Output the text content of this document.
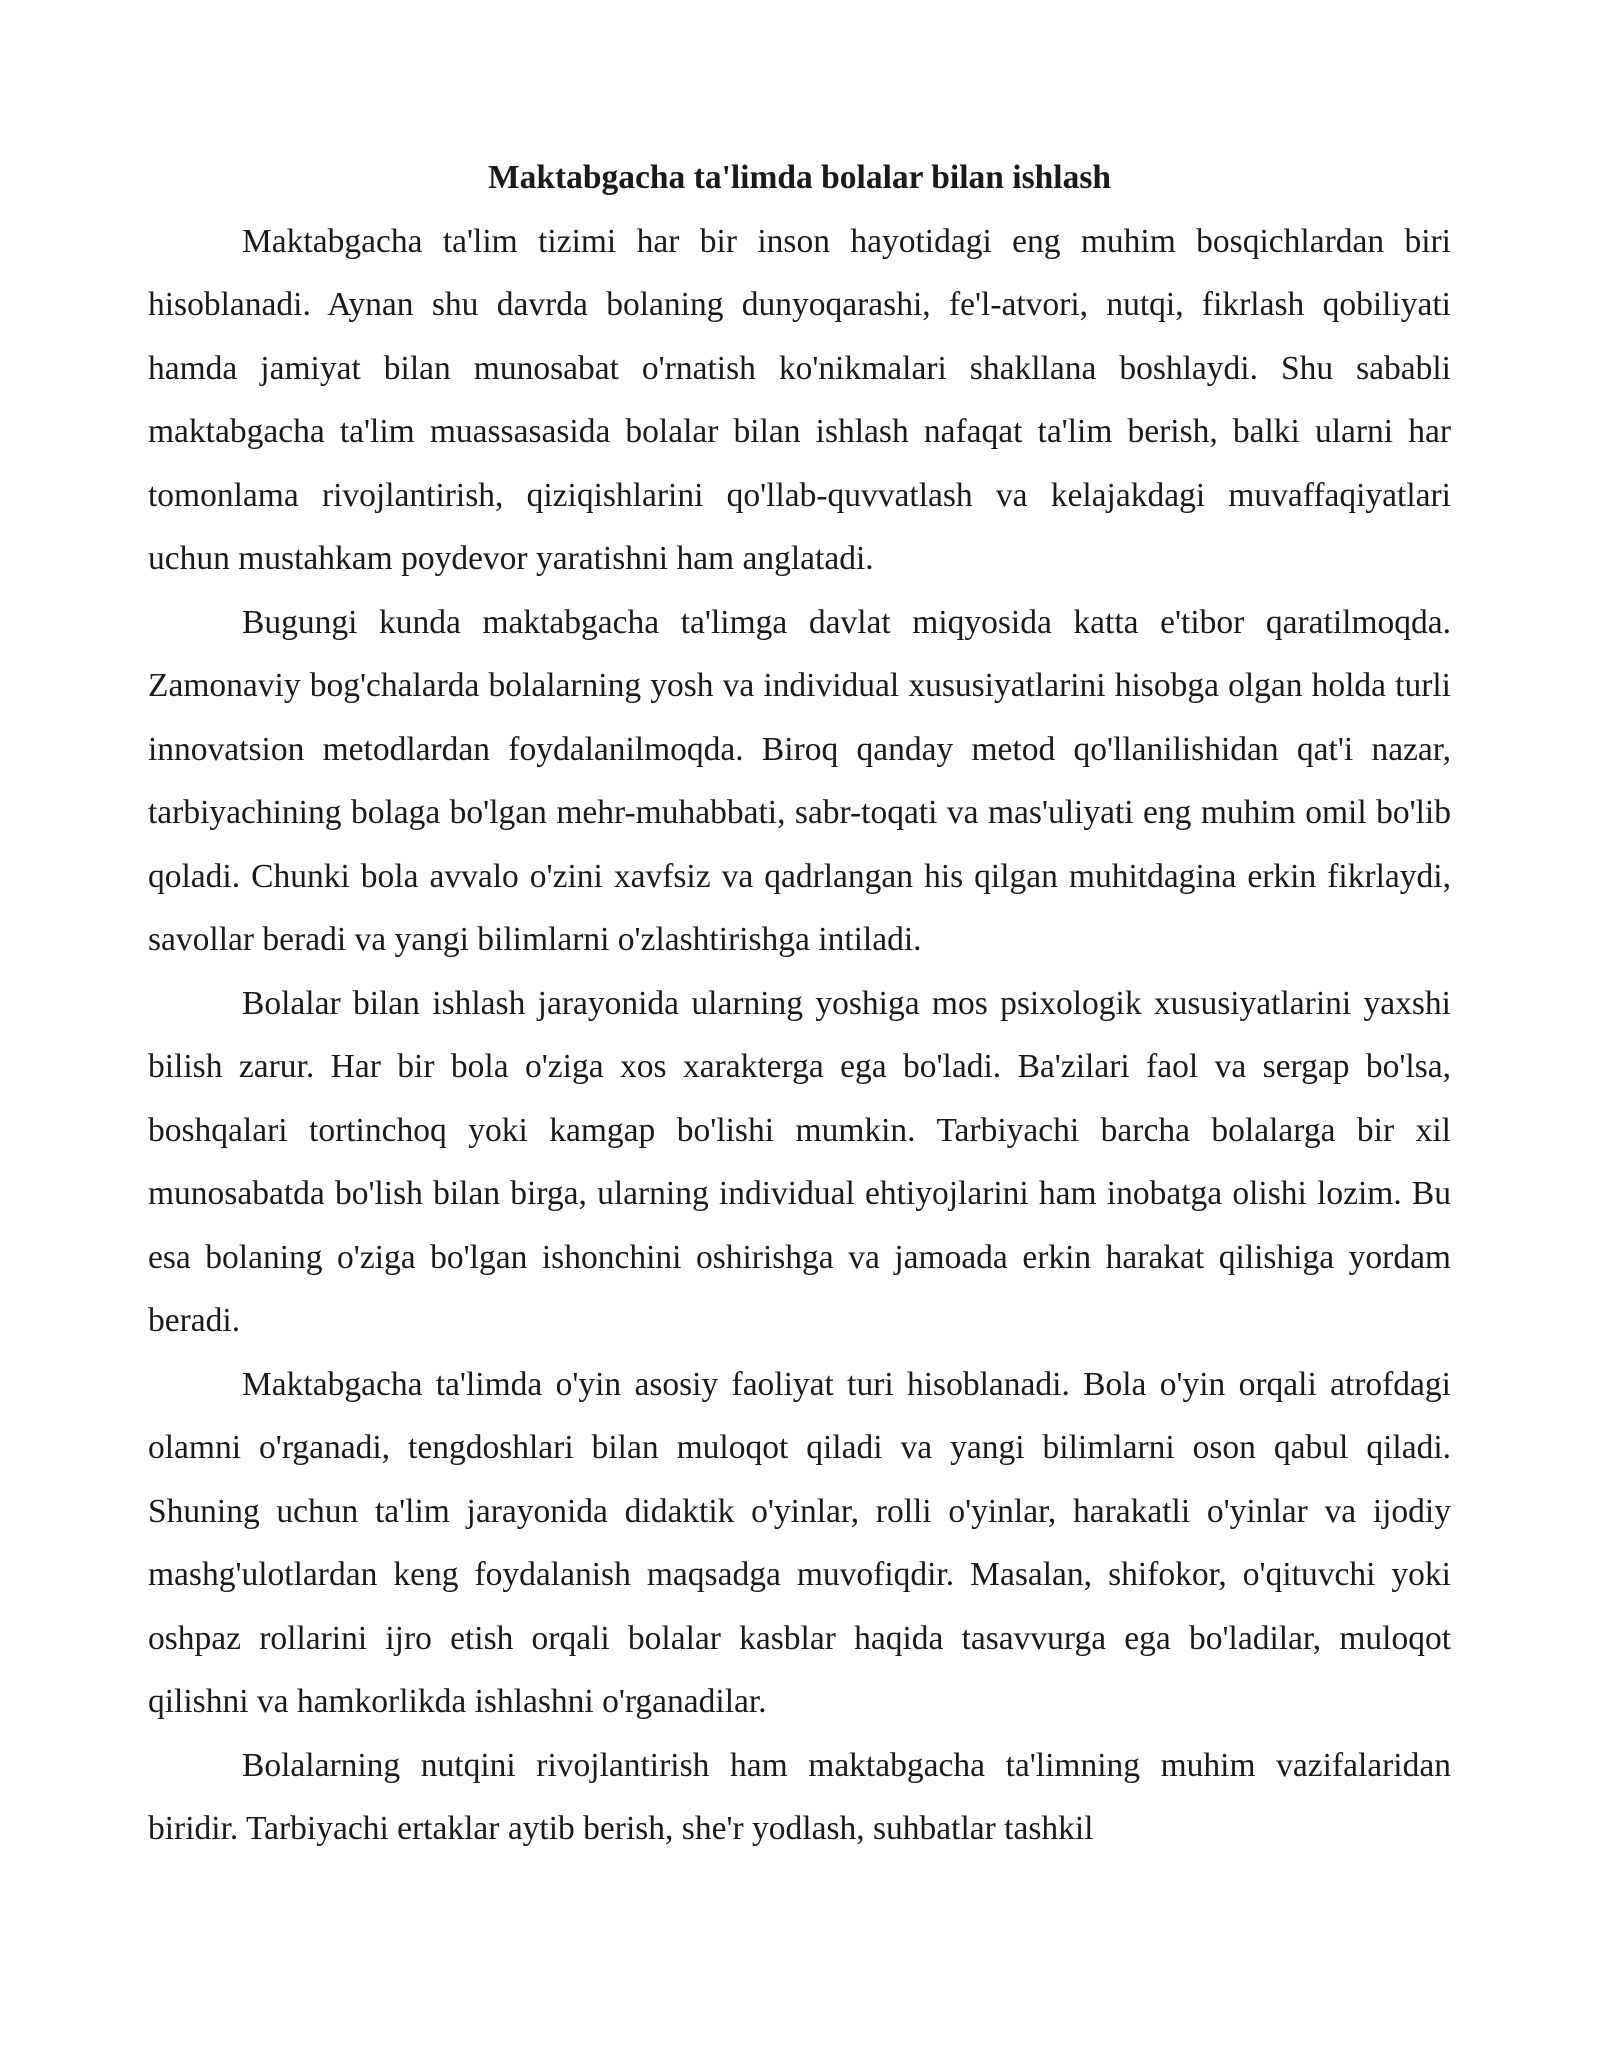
Maktabgacha ta'limda bolalar bilan ishlash

Maktabgacha ta'lim tizimi har bir inson hayotidagi eng muhim bosqichlardan biri hisoblanadi. Aynan shu davrda bolaning dunyoqarashi, fe'l-atvori, nutqi, fikrlash qobiliyati hamda jamiyat bilan munosabat o'rnatish ko'nikmalari shakllana boshlaydi. Shu sababli maktabgacha ta'lim muassasasida bolalar bilan ishlash nafaqat ta'lim berish, balki ularni har tomonlama rivojlantirish, qiziqishlarini qo'llab-quvvatlash va kelajakdagi muvaffaqiyatlari uchun mustahkam poydevor yaratishni ham anglatadi.

Bugungi kunda maktabgacha ta'limga davlat miqyosida katta e'tibor qaratilmoqda. Zamonaviy bog'chalarda bolalarning yosh va individual xususiyatlarini hisobga olgan holda turli innovatsion metodlardan foydalanilmoqda. Biroq qanday metod qo'llanilishidan qat'i nazar, tarbiyachining bolaga bo'lgan mehr-muhabbati, sabr-toqati va mas'uliyati eng muhim omil bo'lib qoladi. Chunki bola avvalo o'zini xavfsiz va qadrlangan his qilgan muhitdagina erkin fikrlaydi, savollar beradi va yangi bilimlarni o'zlashtirishga intiladi.

Bolalar bilan ishlash jarayonida ularning yoshiga mos psixologik xususiyatlarini yaxshi bilish zarur. Har bir bola o'ziga xos xarakterga ega bo'ladi. Ba'zilari faol va sergap bo'lsa, boshqalari tortinchoq yoki kamgap bo'lishi mumkin. Tarbiyachi barcha bolalarga bir xil munosabatda bo'lish bilan birga, ularning individual ehtiyojlarini ham inobatga olishi lozim. Bu esa bolaning o'ziga bo'lgan ishonchini oshirishga va jamoada erkin harakat qilishiga yordam beradi.

Maktabgacha ta'limda o'yin asosiy faoliyat turi hisoblanadi. Bola o'yin orqali atrofdagi olamni o'rganadi, tengdoshlari bilan muloqot qiladi va yangi bilimlarni oson qabul qiladi. Shuning uchun ta'lim jarayonida didaktik o'yinlar, rolli o'yinlar, harakatli o'yinlar va ijodiy mashg'ulotlardan keng foydalanish maqsadga muvofiqdir. Masalan, shifokor, o'qituvchi yoki oshpaz rollarini ijro etish orqali bolalar kasblar haqida tasavvurga ega bo'ladilar, muloqot qilishni va hamkorlikda ishlashni o'rganadilar.

Bolalarning nutqini rivojlantirish ham maktabgacha ta'limning muhim vazifalaridan biridir. Tarbiyachi ertaklar aytib berish, she'r yodlash, suhbatlar tashkil
